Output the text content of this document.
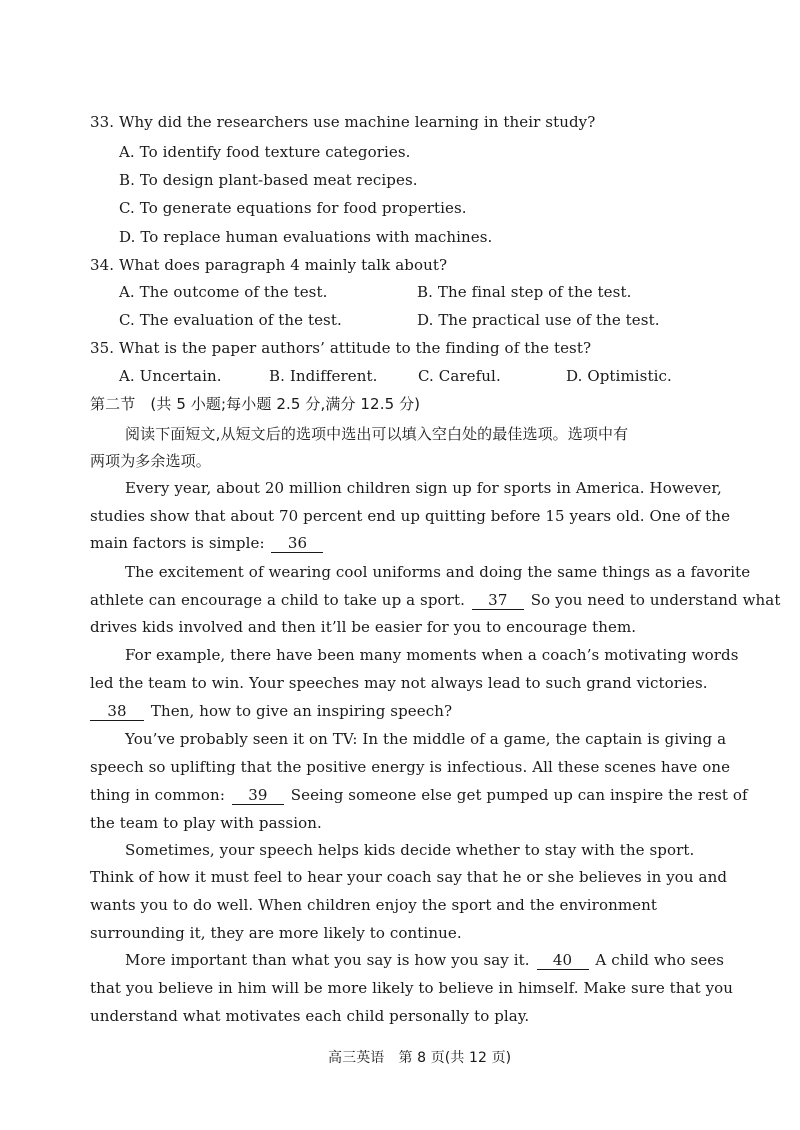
33. Why did the researchers use machine learning in their study?
A. To identify food texture categories.
B. To design plant-based meat recipes.
C. To generate equations for food properties.
D. To replace human evaluations with machines.
34. What does paragraph 4 mainly talk about?
A. The outcome of the test.	B. The final step of the test.
C. The evaluation of the test.	D. The practical use of the test.
35. What is the paper authors’ attitude to the finding of the test?
A. Uncertain.	B. Indifferent.	C. Careful.	D. Optimistic.
第二节　(共 5 小题;每小题 2.5 分,满分 12.5 分)
阅读下面短文,从短文后的选项中选出可以填入空白处的最佳选项。选项中有
两项为多余选项。
Every year, about 20 million children sign up for sports in America. However,
studies show that about 70 percent end up quitting before 15 years old. One of the
main factors is simple: 36
The excitement of wearing cool uniforms and doing the same things as a favorite
athlete can encourage a child to take up a sport. 37 So you need to understand what
drives kids involved and then it’ll be easier for you to encourage them.
For example, there have been many moments when a coach’s motivating words
led the team to win. Your speeches may not always lead to such grand victories.
38 Then, how to give an inspiring speech?
You’ve probably seen it on TV: In the middle of a game, the captain is giving a
speech so uplifting that the positive energy is infectious. All these scenes have one
thing in common: 39 Seeing someone else get pumped up can inspire the rest of
the team to play with passion.
Sometimes, your speech helps kids decide whether to stay with the sport.
Think of how it must feel to hear your coach say that he or she believes in you and
wants you to do well. When children enjoy the sport and the environment
surrounding it, they are more likely to continue.
More important than what you say is how you say it. 40 A child who sees
that you believe in him will be more likely to believe in himself. Make sure that you
understand what motivates each child personally to play.
高三英语　第 8 页(共 12 页)
